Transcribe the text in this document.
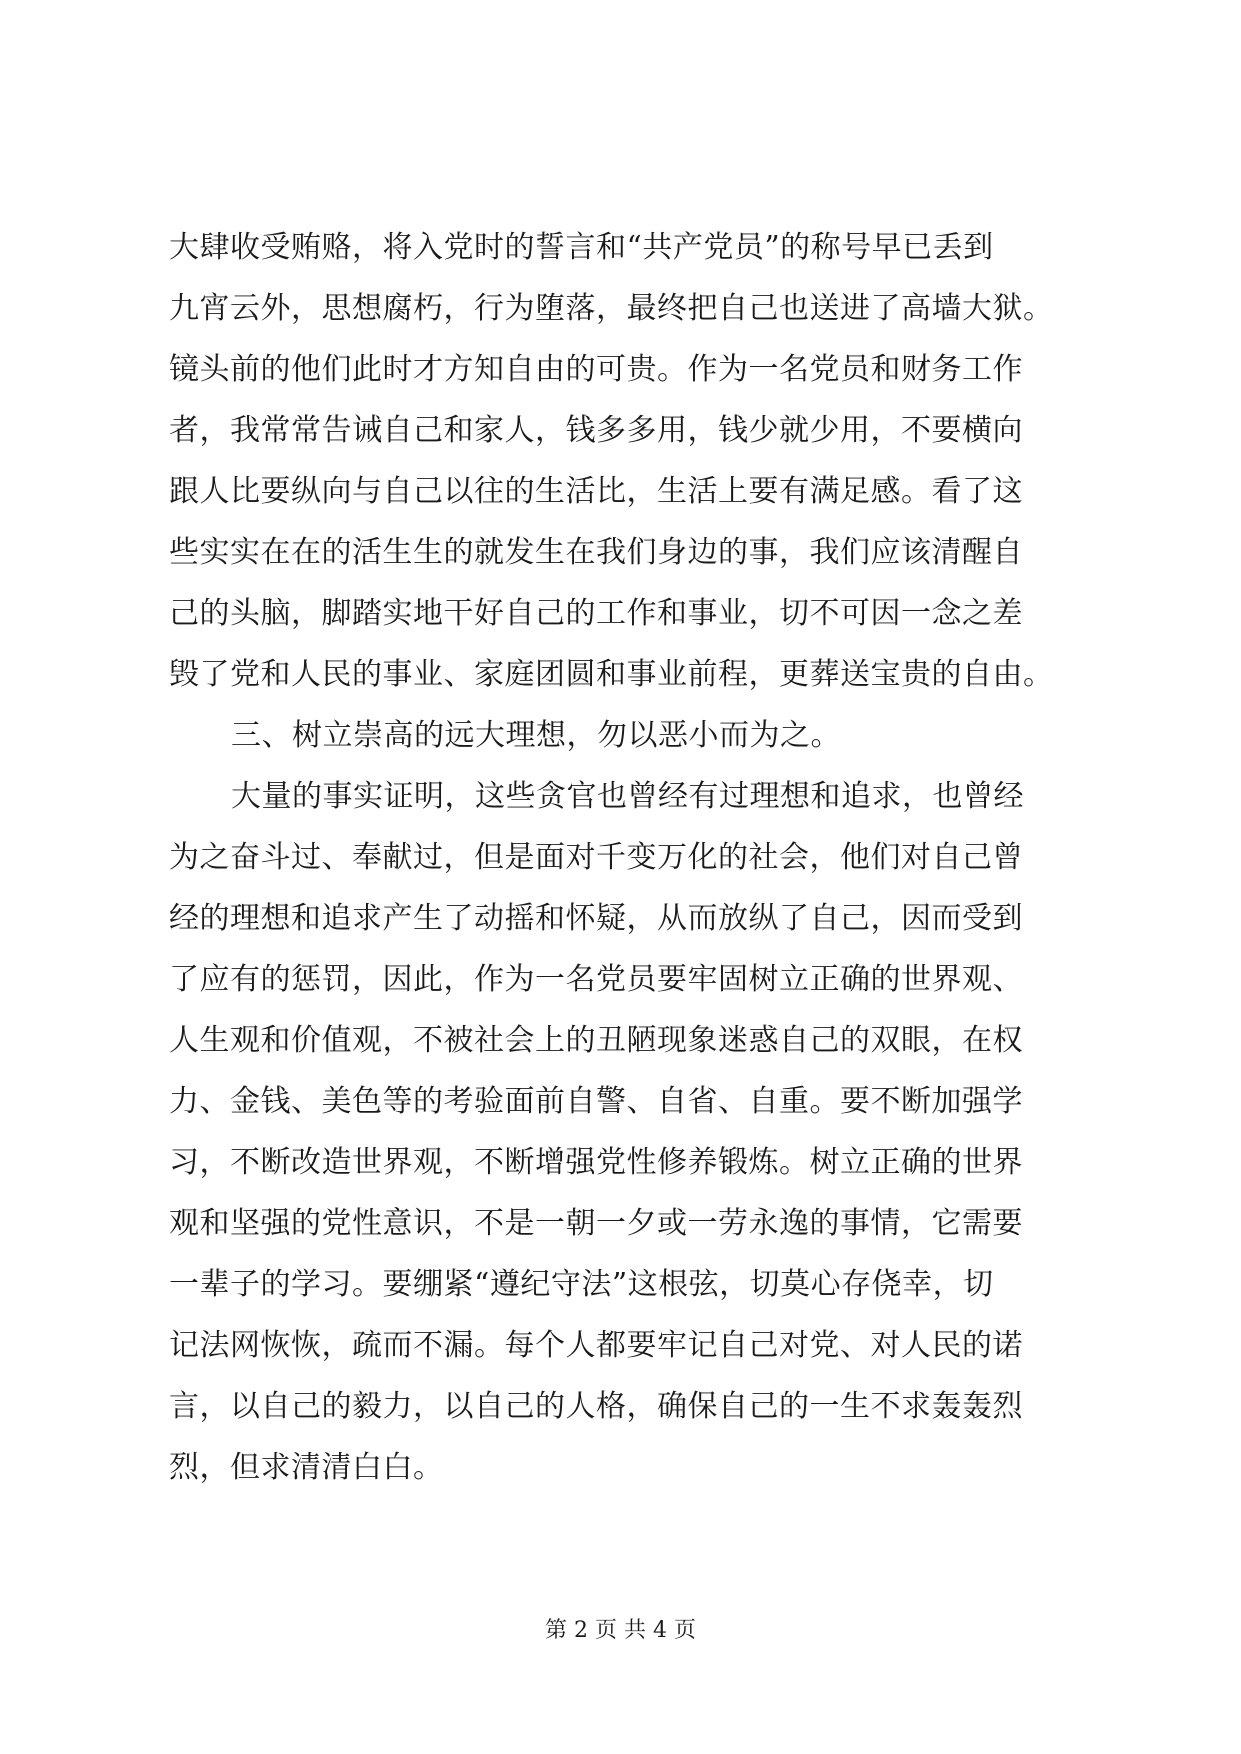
大肆收受贿赂，将入党时的誓言和“共产党员”的称号早已丢到
九宵云外，思想腐朽，行为堕落，最终把自己也送进了高墙大狱。
镜头前的他们此时才方知自由的可贵。作为一名党员和财务工作
者，我常常告诫自己和家人，钱多多用，钱少就少用，不要横向
跟人比要纵向与自己以往的生活比，生活上要有满足感。看了这
些实实在在的活生生的就发生在我们身边的事，我们应该清醒自
己的头脑，脚踏实地干好自己的工作和事业，切不可因一念之差
毁了党和人民的事业、家庭团圆和事业前程，更葬送宝贵的自由。
三、树立崇高的远大理想，勿以恶小而为之。
大量的事实证明，这些贪官也曾经有过理想和追求，也曾经
为之奋斗过、奉献过，但是面对千变万化的社会，他们对自己曾
经的理想和追求产生了动摇和怀疑，从而放纵了自己，因而受到
了应有的惩罚，因此，作为一名党员要牢固树立正确的世界观、
人生观和价值观，不被社会上的丑陋现象迷惑自己的双眼，在权
力、金钱、美色等的考验面前自警、自省、自重。要不断加强学
习，不断改造世界观，不断增强党性修养锻炼。树立正确的世界
观和坚强的党性意识，不是一朝一夕或一劳永逸的事情，它需要
一辈子的学习。要绷紧“遵纪守法”这根弦，切莫心存侥幸，切
记法网恢恢，疏而不漏。每个人都要牢记自己对党、对人民的诺
言，以自己的毅力，以自己的人格，确保自己的一生不求轰轰烈
烈，但求清清白白。
第 2 页 共 4 页
